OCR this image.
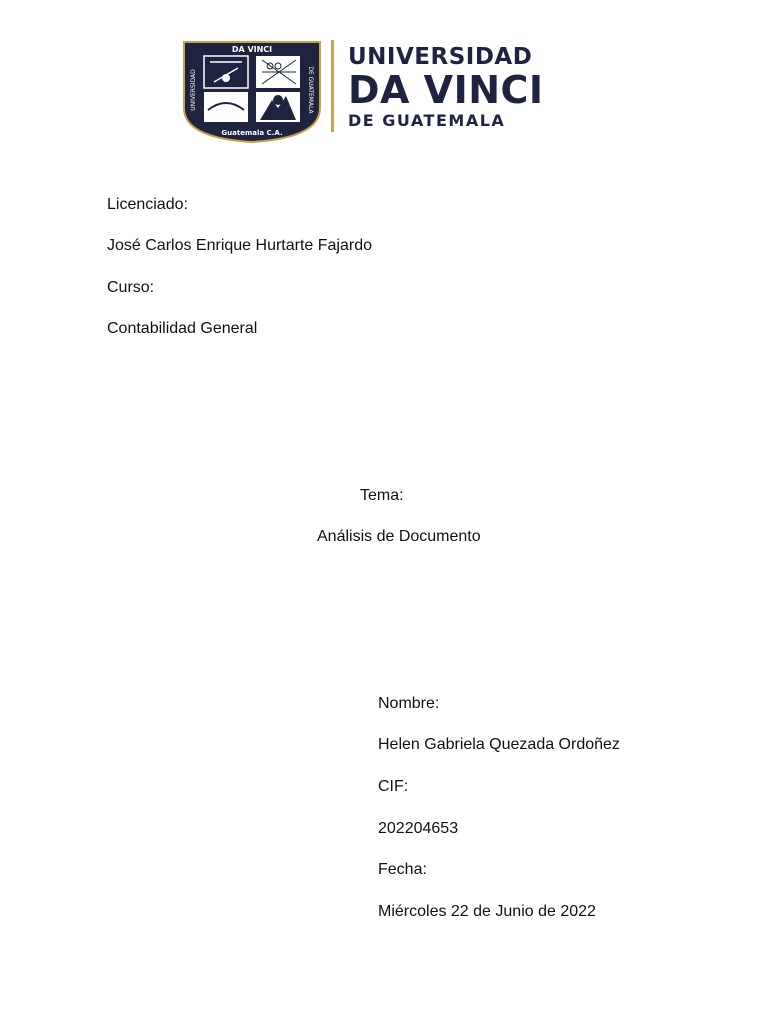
DA VINCI
UNIVERSIDAD	DE GUATEMALA
Guatemala C.A.
UNIVERSIDAD
DA VINCI
DE GUATEMALA
Licenciado:
José Carlos Enrique Hurtarte Fajardo
Curso:
Contabilidad General
Tema:
Análisis de Documento
Nombre:
Helen Gabriela Quezada Ordoñez
CIF:
202204653
Fecha:
Miércoles 22 de Junio de 2022
